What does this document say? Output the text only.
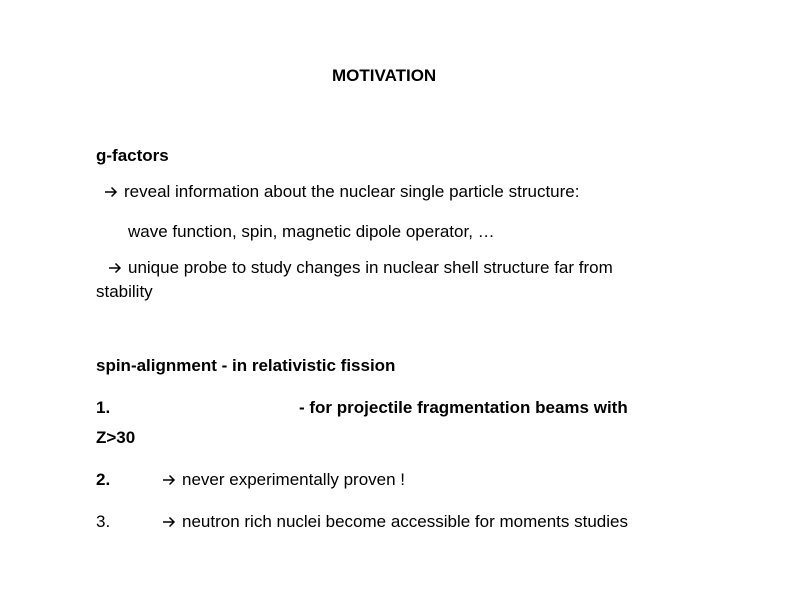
MOTIVATION
g-factors
reveal information about the nuclear single particle structure:
wave function, spin, magnetic dipole operator, …
unique probe to study changes in nuclear shell structure far from
stability
spin-alignment - in relativistic fission
1.	- for projectile fragmentation beams with
Z>30
2.	never experimentally proven !
3.	neutron rich nuclei become accessible for moments studies
